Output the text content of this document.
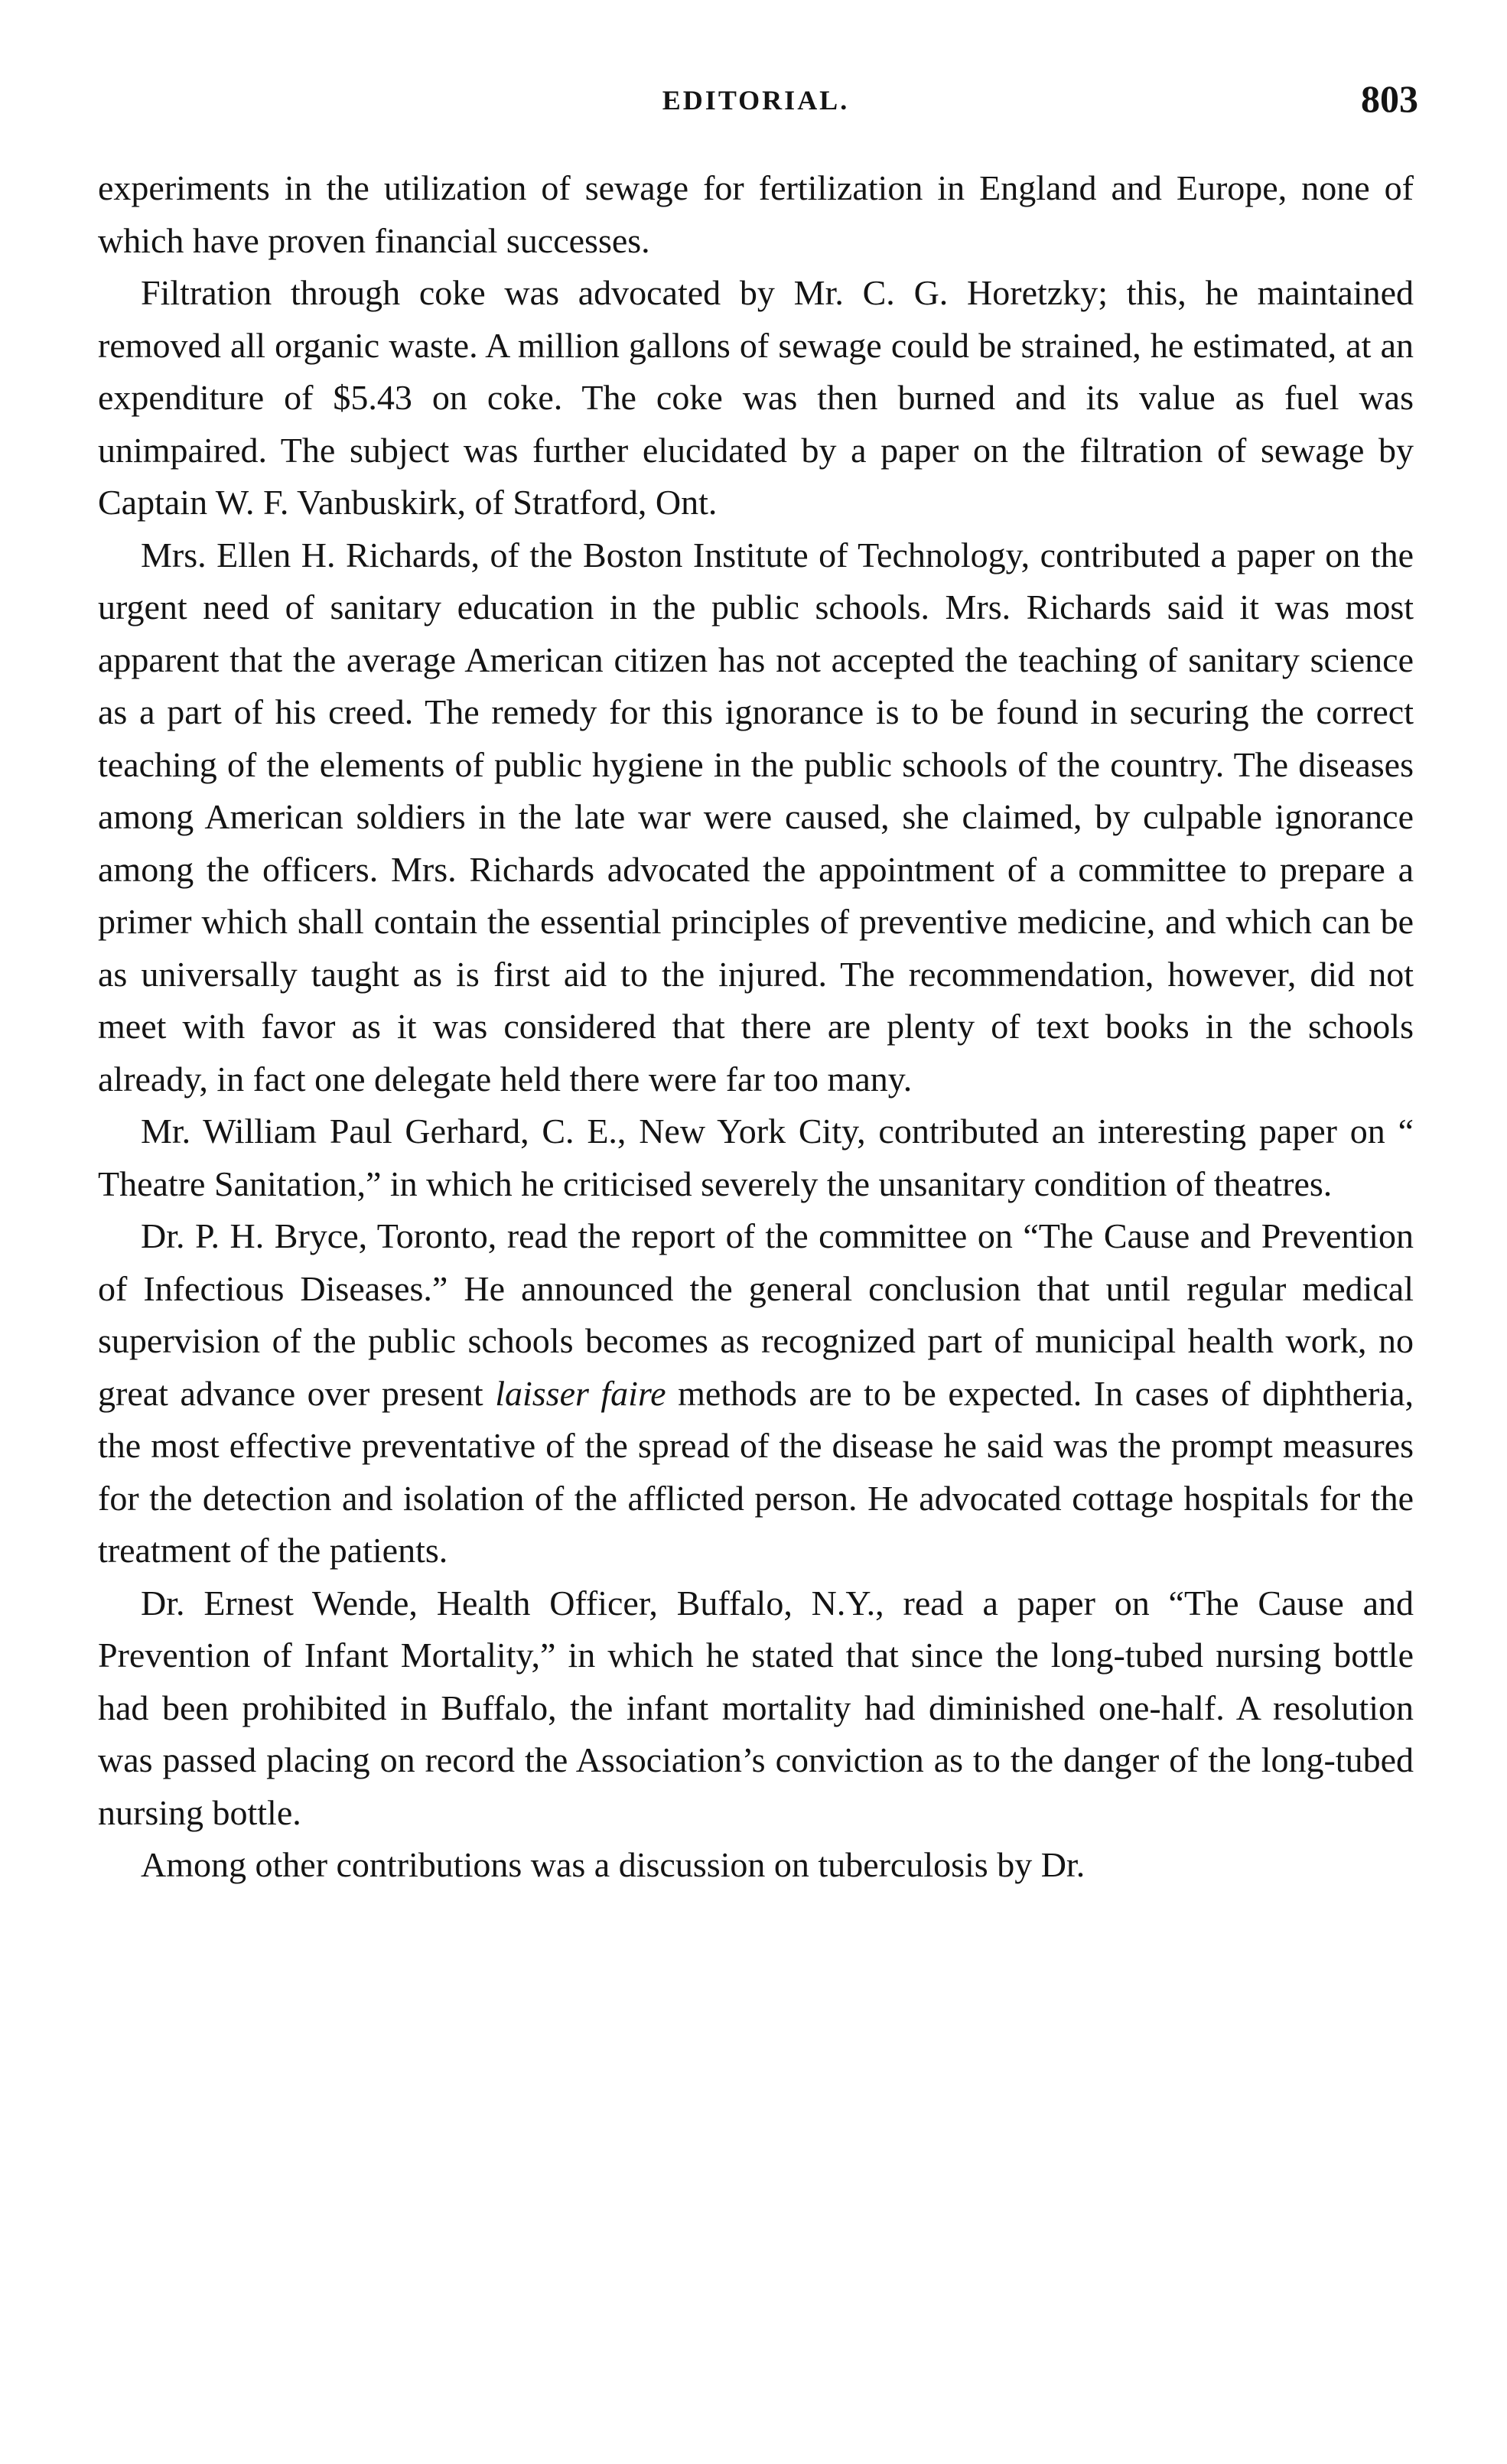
EDITORIAL.	803

experiments in the utilization of sewage for fertilization in England and Europe, none of which have proven financial successes.

Filtration through coke was advocated by Mr. C. G. Horetzky; this, he maintained removed all organic waste. A million gallons of sewage could be strained, he estimated, at an expenditure of $5.43 on coke. The coke was then burned and its value as fuel was unimpaired. The subject was further elucidated by a paper on the filtration of sewage by Captain W. F. Vanbuskirk, of Stratford, Ont.

Mrs. Ellen H. Richards, of the Boston Institute of Technology, contributed a paper on the urgent need of sanitary education in the public schools. Mrs. Richards said it was most apparent that the average American citizen has not accepted the teaching of sanitary science as a part of his creed. The remedy for this ignorance is to be found in securing the correct teaching of the elements of public hygiene in the public schools of the country. The diseases among American soldiers in the late war were caused, she claimed, by culpable ignorance among the officers. Mrs. Richards advocated the appointment of a committee to prepare a primer which shall contain the essential principles of preventive medicine, and which can be as universally taught as is first aid to the injured. The recommendation, however, did not meet with favor as it was considered that there are plenty of text books in the schools already, in fact one delegate held there were far too many.

Mr. William Paul Gerhard, C. E., New York City, contributed an interesting paper on “ Theatre Sanitation,” in which he criticised severely the unsanitary condition of theatres.

Dr. P. H. Bryce, Toronto, read the report of the committee on “The Cause and Prevention of Infectious Diseases.” He announced the general conclusion that until regular medical supervision of the public schools becomes as recognized part of municipal health work, no great advance over present laisser faire methods are to be expected. In cases of diphtheria, the most effective preventative of the spread of the disease he said was the prompt measures for the detection and isolation of the afflicted person. He advocated cottage hospitals for the treatment of the patients.

Dr. Ernest Wende, Health Officer, Buffalo, N.Y., read a paper on “The Cause and Prevention of Infant Mortality,” in which he stated that since the long-tubed nursing bottle had been prohibited in Buffalo, the infant mortality had diminished one-half. A resolution was passed placing on record the Association’s conviction as to the danger of the long-tubed nursing bottle.

Among other contributions was a discussion on tuberculosis by Dr.
